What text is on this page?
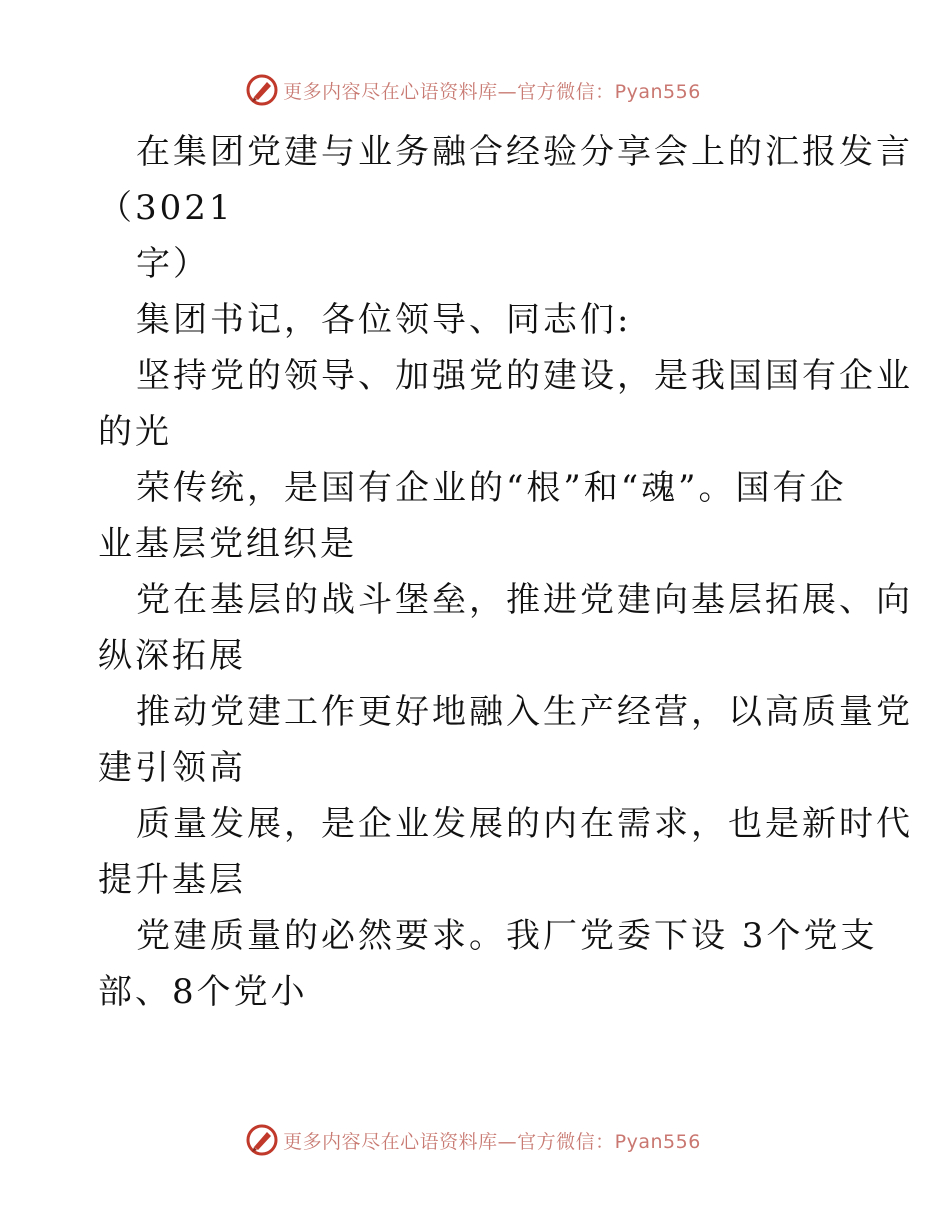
更多内容尽在心语资料库—官方微信：Pyan556
在集团党建与业务融合经验分享会上的汇报发言
（3021
字）
集团书记，各位领导、同志们:
坚持党的领导、加强党的建设，是我国国有企业
的光
荣传统，是国有企业的“根”和“魂”。国有企
业基层党组织是
党在基层的战斗堡垒，推进党建向基层拓展、向
纵深拓展
推动党建工作更好地融入生产经营，以高质量党
建引领高
质量发展，是企业发展的内在需求，也是新时代
提升基层
党建质量的必然要求。我厂党委下设 3个党支
部、8个党小
更多内容尽在心语资料库—官方微信：Pyan556
